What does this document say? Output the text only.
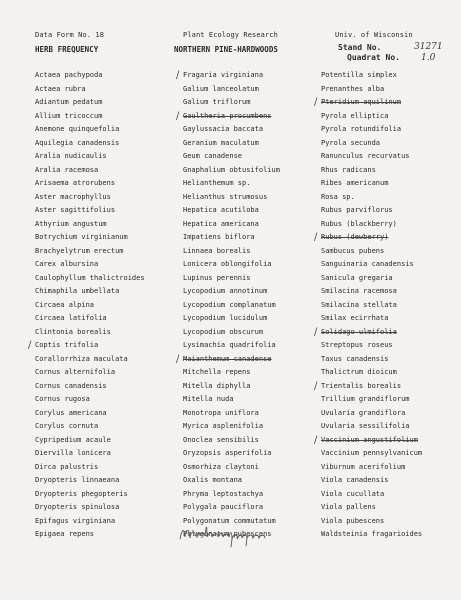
Data Form No. 18	Plant Ecology Research	Univ. of Wisconsin
HERB FREQUENCY	NORTHERN PINE-HARDWOODS	Stand No.	31271
Quadrat No. 1.0
Actaea pachypoda
Actaea rubra
Adiantum pedatum
Allium tricoccum
Anemone quinquefolia
Aquilegia canadensis
Aralia nudicaulis
Aralia racemosa
Arisaema atrorubens
Aster macrophyllus
Aster sagittifolius
Athyrium angustum
Botrychium virginianum
Brachyelytrum erectum
Carex albursina
Caulophyllum thalictroides
Chimaphila umbellata
Circaea alpina
Circaea latifolia
Clintonia borealis
/ Coptis trifolia
Corallorrhiza maculata
Cornus alternifolia
Cornus canadensis
Cornus rugosa
Corylus americana
Corylus cornuta
Cypripedium acaule
Diervilla lonicera
Dirca palustris
Dryopteris linnaeana
Dryopteris phegopteris
Dryopteris spinulosa
Epifagus virginiana
Epigaea repens
/ Fragaria virginiana
Galium lanceolatum
Galium triflorum
/ Gaultheria procumbens
Gaylussacia baccata
Geranium maculatum
Geum canadense
Gnaphalium obtusifolium
Helianthemum sp.
Helianthus strumosus
Hepatica acutiloba
Hepatica americana
Impatiens biflora
Linnaea borealis
Lonicera oblongifolia
Lupinus perennis
Lycopodium annotinum
Lycopodium complanatum
Lycopodium lucidulum
Lycopodium obscurum
Lysimachia quadrifolia
/ Maianthemum canadense
Mitchella repens
Mitella diphylla
Mitella nuda
Monotropa uniflora
Myrica asplenifolia
Onoclea sensibilis
Oryzopsis asperifolia
Osmorhiza claytoni
Oxalis montana
Phryma leptostachya
Polygala pauciflora
Polygonatum commutatum
Polygonatum pubescens
Potentilla simplex
Prenanthes alba
/ Pteridium aquilinum
Pyrola elliptica
Pyrola rotundifolia
Pyrola secunda
Ranunculus recurvatus
Rhus radicans
Ribes americanum
Rosa sp.
Rubus parviflorus
Rubus (blackberry)
/ Rubus (dewberry)
Sambucus pubens
Sanguinaria canadensis
Sanicula gregaria
Smilacina racemosa
Smilacina stellata
Smilax ecirrhata
/ Solidago ulmifolia
Streptopus roseus
Taxus canadensis
Thalictrum dioicum
/ Trientalis borealis
Trillium grandiflorum
Uvularia grandiflora
Uvularia sessilifolia
/ Vaccinium angustifolium
Vaccinium pennsylvanicum
Viburnum acerifolium
Viola canadensis
Viola cucullata
Viola pallens
Viola pubescens
Waldsteinia fragarioides
